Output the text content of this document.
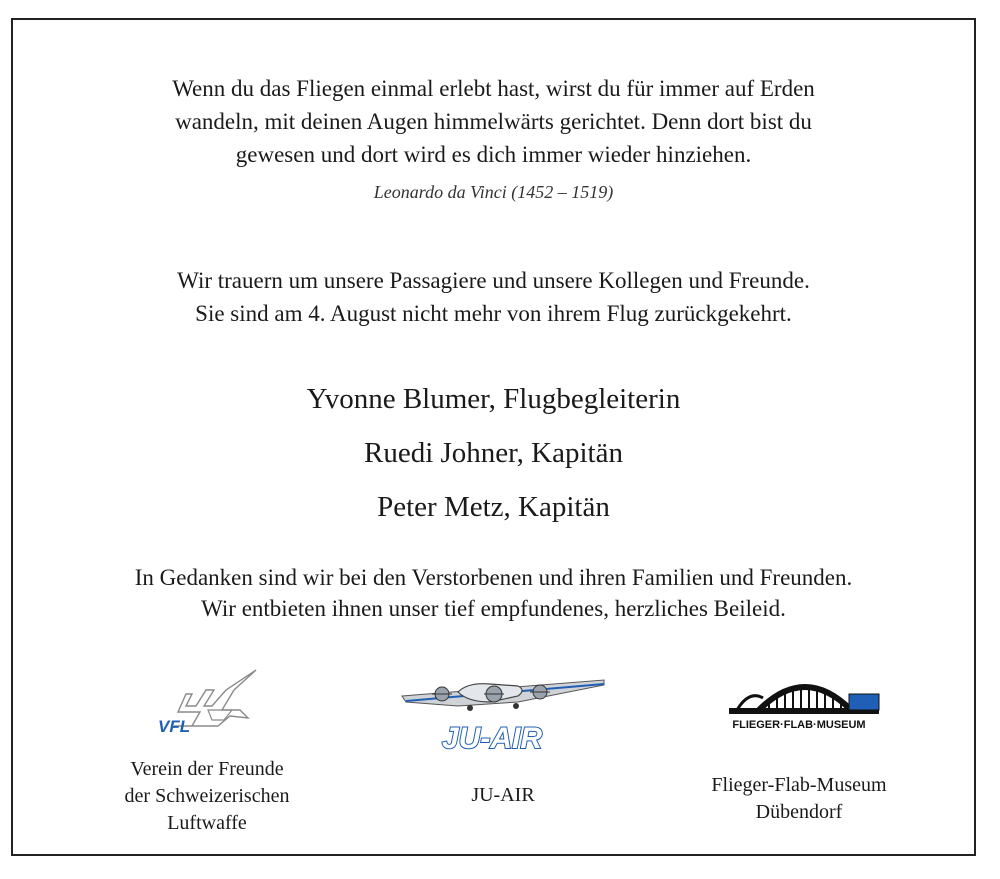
Wenn du das Fliegen einmal erlebt hast, wirst du für immer auf Erden
wandeln, mit deinen Augen himmelwärts gerichtet. Denn dort bist du
gewesen und dort wird es dich immer wieder hinziehen.
Leonardo da Vinci (1452 – 1519)
Wir trauern um unsere Passagiere und unsere Kollegen und Freunde.
Sie sind am 4. August nicht mehr von ihrem Flug zurückgekehrt.
Yvonne Blumer, Flugbegleiterin
Ruedi Johner, Kapitän
Peter Metz, Kapitän
In Gedanken sind wir bei den Verstorbenen und ihren Familien und Freunden.
Wir entbieten ihnen unser tief empfundenes, herzliches Beileid.
VFL
Verein der Freunde
der Schweizerischen
Luftwaffe
JU-AIR
JU-AIR
FLIEGER·FLAB·MUSEUM
Flieger-Flab-Museum
Dübendorf
